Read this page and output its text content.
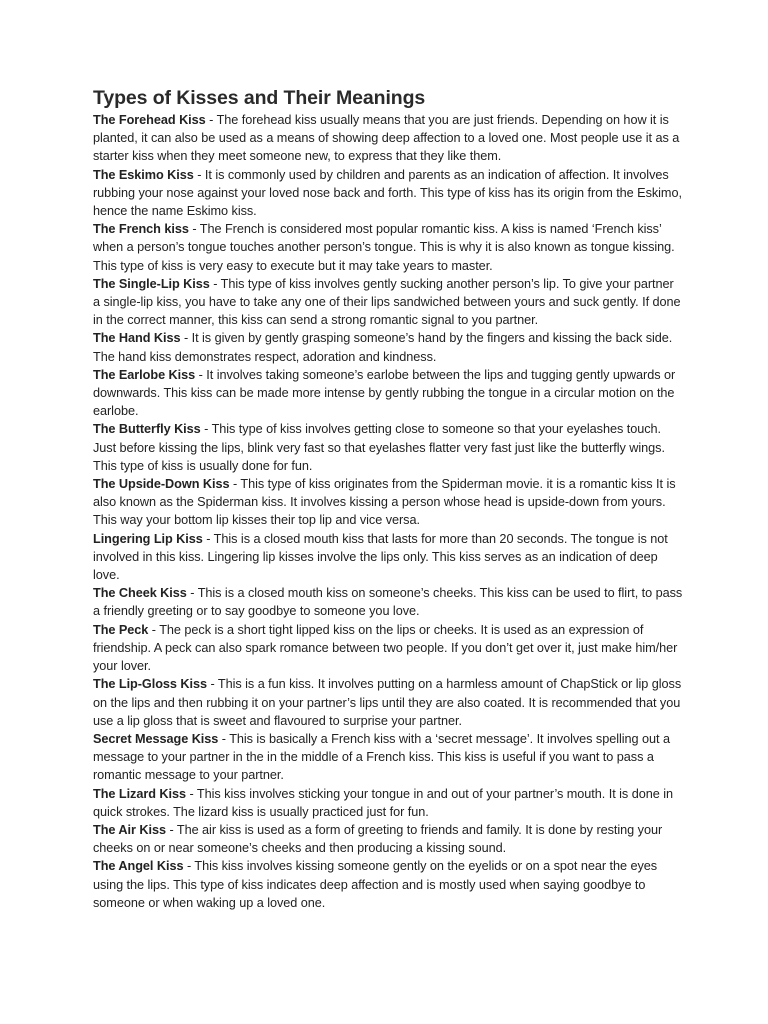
Types of Kisses and Their Meanings

The Forehead Kiss - The forehead kiss usually means that you are just friends. Depending on how it is planted, it can also be used as a means of showing deep affection to a loved one. Most people use it as a starter kiss when they meet someone new, to express that they like them.

The Eskimo Kiss - It is commonly used by children and parents as an indication of affection. It involves rubbing your nose against your loved nose back and forth. This type of kiss has its origin from the Eskimo, hence the name Eskimo kiss.

The French kiss - The French is considered most popular romantic kiss. A kiss is named ‘French kiss’ when a person’s tongue touches another person’s tongue. This is why it is also known as tongue kissing. This type of kiss is very easy to execute but it may take years to master.

The Single-Lip Kiss - This type of kiss involves gently sucking another person’s lip. To give your partner a single-lip kiss, you have to take any one of their lips sandwiched between yours and suck gently. If done in the correct manner, this kiss can send a strong romantic signal to you partner.

The Hand Kiss - It is given by gently grasping someone’s hand by the fingers and kissing the back side. The hand kiss demonstrates respect, adoration and kindness.

The Earlobe Kiss - It involves taking someone’s earlobe between the lips and tugging gently upwards or downwards. This kiss can be made more intense by gently rubbing the tongue in a circular motion on the earlobe.

The Butterfly Kiss - This type of kiss involves getting close to someone so that your eyelashes touch. Just before kissing the lips, blink very fast so that eyelashes flatter very fast just like the butterfly wings. This type of kiss is usually done for fun.

The Upside-Down Kiss - This type of kiss originates from the Spiderman movie. it is a romantic kiss It is also known as the Spiderman kiss. It involves kissing a person whose head is upside-down from yours. This way your bottom lip kisses their top lip and vice versa.

Lingering Lip Kiss - This is a closed mouth kiss that lasts for more than 20 seconds. The tongue is not involved in this kiss. Lingering lip kisses involve the lips only. This kiss serves as an indication of deep love.

The Cheek Kiss - This is a closed mouth kiss on someone’s cheeks. This kiss can be used to flirt, to pass a friendly greeting or to say goodbye to someone you love.

The Peck - The peck is a short tight lipped kiss on the lips or cheeks. It is used as an expression of friendship. A peck can also spark romance between two people. If you don’t get over it, just make him/her your lover.

The Lip-Gloss Kiss - This is a fun kiss. It involves putting on a harmless amount of ChapStick or lip gloss on the lips and then rubbing it on your partner’s lips until they are also coated. It is recommended that you use a lip gloss that is sweet and flavoured to surprise your partner.

Secret Message Kiss - This is basically a French kiss with a ‘secret message’. It involves spelling out a message to your partner in the in the middle of a French kiss. This kiss is useful if you want to pass a romantic message to your partner.

The Lizard Kiss - This kiss involves sticking your tongue in and out of your partner’s mouth. It is done in quick strokes. The lizard kiss is usually practiced just for fun.

The Air Kiss - The air kiss is used as a form of greeting to friends and family. It is done by resting your cheeks on or near someone’s cheeks and then producing a kissing sound.

The Angel Kiss - This kiss involves kissing someone gently on the eyelids or on a spot near the eyes using the lips. This type of kiss indicates deep affection and is mostly used when saying goodbye to someone or when waking up a loved one.
